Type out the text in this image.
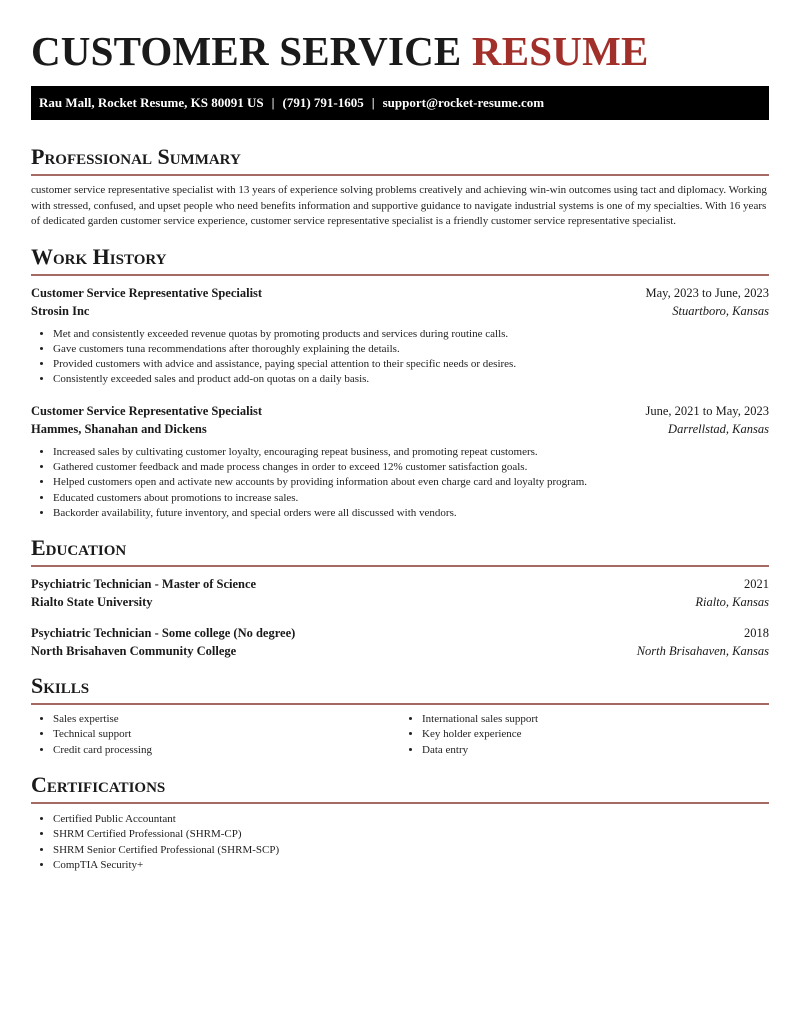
CUSTOMER SERVICE RESUME
Rau Mall, Rocket Resume, KS 80091 US | (791) 791-1605 | support@rocket-resume.com
Professional Summary
customer service representative specialist with 13 years of experience solving problems creatively and achieving win-win outcomes using tact and diplomacy. Working with stressed, confused, and upset people who need benefits information and supportive guidance to navigate industrial systems is one of my specialties. With 16 years of dedicated garden customer service experience, customer service representative specialist is a friendly customer service representative specialist.
Work History
Customer Service Representative Specialist	May, 2023 to June, 2023
Strosin Inc	Stuartboro, Kansas
• Met and consistently exceeded revenue quotas by promoting products and services during routine calls.
• Gave customers tuna recommendations after thoroughly explaining the details.
• Provided customers with advice and assistance, paying special attention to their specific needs or desires.
• Consistently exceeded sales and product add-on quotas on a daily basis.
Customer Service Representative Specialist	June, 2021 to May, 2023
Hammes, Shanahan and Dickens	Darrellstad, Kansas
• Increased sales by cultivating customer loyalty, encouraging repeat business, and promoting repeat customers.
• Gathered customer feedback and made process changes in order to exceed 12% customer satisfaction goals.
• Helped customers open and activate new accounts by providing information about even charge card and loyalty program.
• Educated customers about promotions to increase sales.
• Backorder availability, future inventory, and special orders were all discussed with vendors.
Education
Psychiatric Technician - Master of Science	2021
Rialto State University	Rialto, Kansas
Psychiatric Technician - Some college (No degree)	2018
North Brisahaven Community College	North Brisahaven, Kansas
Skills
• Sales expertise
• Technical support
• Credit card processing
• International sales support
• Key holder experience
• Data entry
Certifications
• Certified Public Accountant
• SHRM Certified Professional (SHRM-CP)
• SHRM Senior Certified Professional (SHRM-SCP)
• CompTIA Security+
